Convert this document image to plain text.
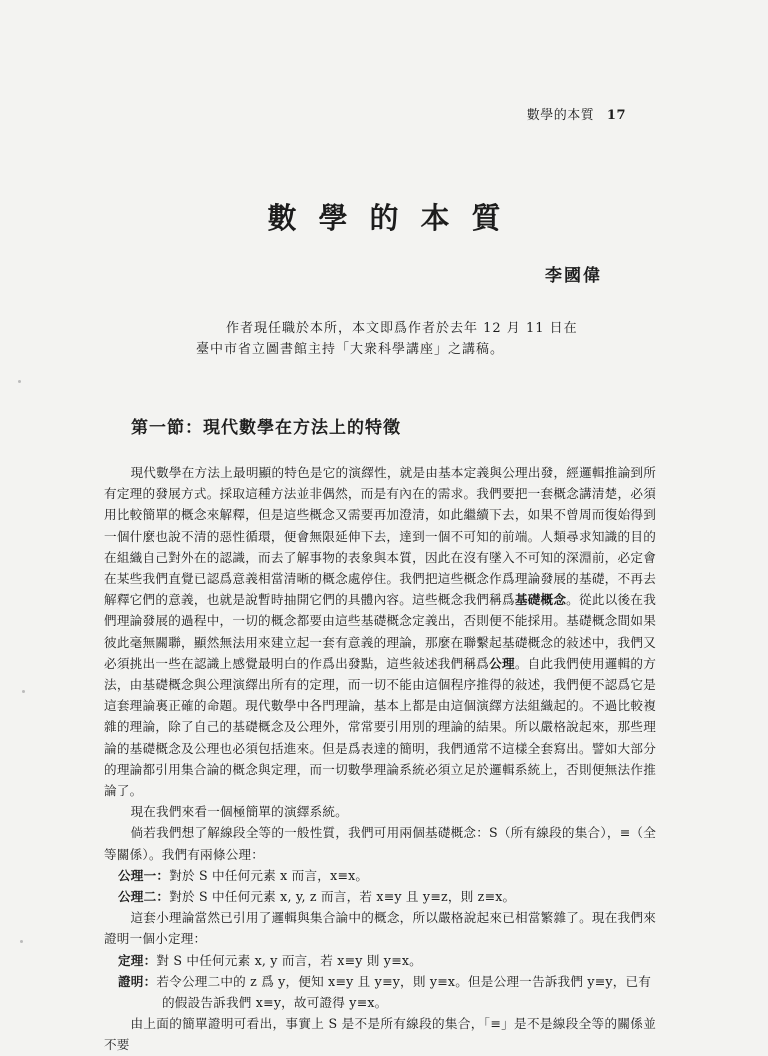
數學的本質 17
數學的本質
李國偉

作者現任職於本所，本文即爲作者於去年 12 月 11 日在

臺中市省立圖書館主持「大衆科學講座」之講稿。

第一節：現代數學在方法上的特徵

現代數學在方法上最明顯的特色是它的演繹性，就是由基本定義與公理出發，經邏輯推論到所有定理的發展方式。採取這種方法並非偶然，而是有內在的需求。我們要把一套概念講清楚，必須用比較簡單的概念來解釋，但是這些概念又需要再加澄清，如此繼續下去，如果不曾周而復始得到一個什麼也說不清的惡性循環，便會無限延伸下去，達到一個不可知的前端。人類尋求知識的目的在組織自己對外在的認識，而去了解事物的表象與本質，因此在沒有墜入不可知的深淵前，必定會在某些我們直覺已認爲意義相當清晰的概念處停住。我們把這些概念作爲理論發展的基礎，不再去解釋它們的意義，也就是說暫時抽開它們的具體內容。這些概念我們稱爲基礎概念。從此以後在我們理論發展的過程中，一切的概念都要由這些基礎概念定義出，否則便不能採用。基礎概念間如果彼此毫無關聯，顯然無法用來建立起一套有意義的理論，那麼在聯繫起基礎概念的敍述中，我們又必須挑出一些在認識上感覺最明白的作爲出發點，這些敍述我們稱爲公理。自此我們使用邏輯的方法，由基礎概念與公理演繹出所有的定理，而一切不能由這個程序推得的敍述，我們便不認爲它是這套理論裏正確的命題。現代數學中各門理論，基本上都是由這個演繹方法組織起的。不過比較複雜的理論，除了自己的基礎概念及公理外，常常要引用別的理論的結果。所以嚴格說起來，那些理論的基礎概念及公理也必須包括進來。但是爲表達的簡明，我們通常不這樣全套寫出。譬如大部分的理論都引用集合論的概念與定理，而一切數學理論系統必須立足於邏輯系統上，否則便無法作推論了。

現在我們來看一個極簡單的演繹系統。

倘若我們想了解線段全等的一般性質，我們可用兩個基礎概念：S（所有線段的集合），≡（全等關係）。我們有兩條公理：

公理一：對於 S 中任何元素 x 而言，x≡x。

公理二：對於 S 中任何元素 x, y, z 而言，若 x≡y 且 y≡z，則 z≡x。

這套小理論當然已引用了邏輯與集合論中的概念，所以嚴格說起來已相當繁雜了。現在我們來證明一個小定理：

定理：對 S 中任何元素 x, y 而言，若 x≡y 則 y≡x。

證明：若令公理二中的 z 爲 y，便知 x≡y 且 y≡y，則 y≡x。但是公理一告訴我們 y≡y，已有

的假設告訴我們 x≡y，故可證得 y≡x。

由上面的簡單證明可看出，事實上 S 是不是所有線段的集合，「≡」是不是線段全等的關係並不要
